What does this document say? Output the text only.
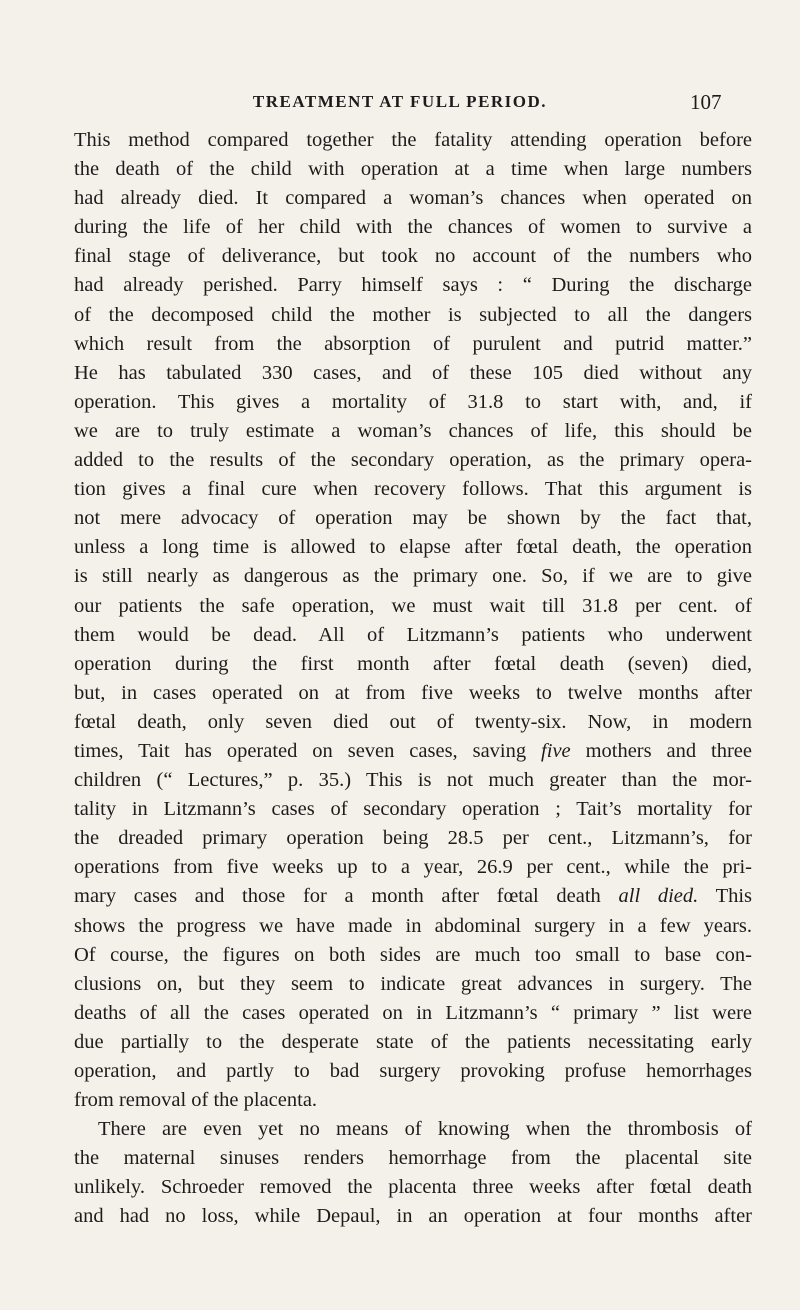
TREATMENT AT FULL PERIOD.	107

This method compared together the fatality attending operation before
the death of the child with operation at a time when large numbers
had already died. It compared a woman’s chances when operated on
during the life of her child with the chances of women to survive a
final stage of deliverance, but took no account of the numbers who
had already perished. Parry himself says : “ During the discharge
of the decomposed child the mother is subjected to all the dangers
which result from the absorption of purulent and putrid matter.”
He has tabulated 330 cases, and of these 105 died without any
operation. This gives a mortality of 31.8 to start with, and, if
we are to truly estimate a woman’s chances of life, this should be
added to the results of the secondary operation, as the primary opera-
tion gives a final cure when recovery follows. That this argument is
not mere advocacy of operation may be shown by the fact that,
unless a long time is allowed to elapse after fœtal death, the operation
is still nearly as dangerous as the primary one. So, if we are to give
our patients the safe operation, we must wait till 31.8 per cent. of
them would be dead. All of Litzmann’s patients who underwent
operation during the first month after fœtal death (seven) died,
but, in cases operated on at from five weeks to twelve months after
fœtal death, only seven died out of twenty-six. Now, in modern
times, Tait has operated on seven cases, saving five mothers and three
children (“ Lectures,” p. 35.) This is not much greater than the mor-
tality in Litzmann’s cases of secondary operation ; Tait’s mortality for
the dreaded primary operation being 28.5 per cent., Litzmann’s, for
operations from five weeks up to a year, 26.9 per cent., while the pri-
mary cases and those for a month after fœtal death all died. This
shows the progress we have made in abdominal surgery in a few years.
Of course, the figures on both sides are much too small to base con-
clusions on, but they seem to indicate great advances in surgery. The
deaths of all the cases operated on in Litzmann’s “ primary ” list were
due partially to the desperate state of the patients necessitating early
operation, and partly to bad surgery provoking profuse hemorrhages
from removal of the placenta.

There are even yet no means of knowing when the thrombosis of
the maternal sinuses renders hemorrhage from the placental site
unlikely. Schroeder removed the placenta three weeks after fœtal death
and had no loss, while Depaul, in an operation at four months after
